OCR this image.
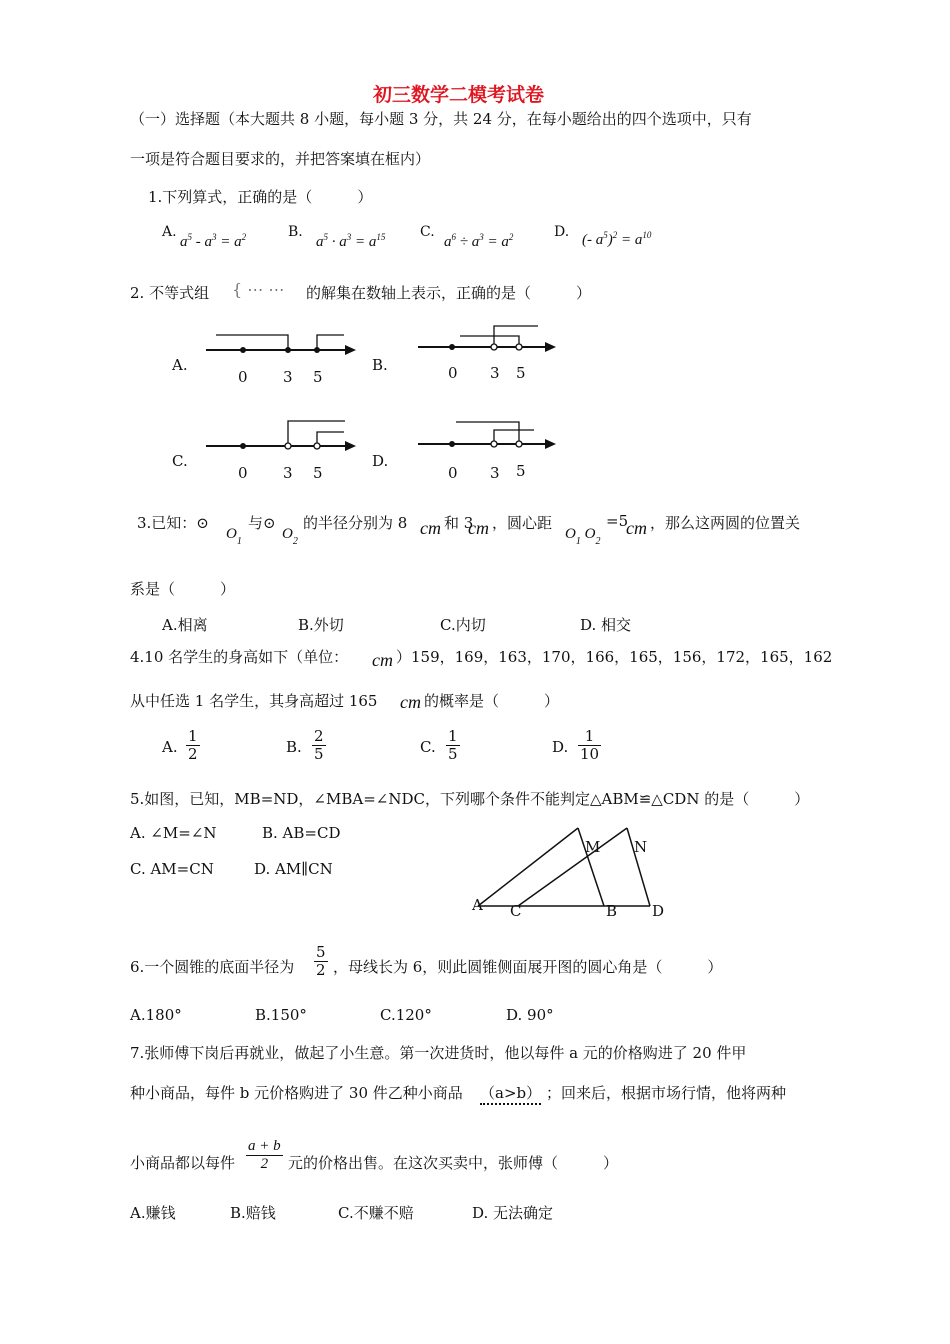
初三数学二模考试卷
（一）选择题（本大题共 8 小题，每小题 3 分，共 24 分，在每小题给出的四个选项中，只有
一项是符合题目要求的，并把答案填在框内）
1.下列算式，正确的是（　　　）
A.
$a^5 - a^3 = a^2$	B.
$a^5 \cdot a^3 = a^{15}$ C.
$a^6 \div a^3 = a^2$	D. (- $a^5)^2 = a^{10}$
2. 不等式组 { ⋯ ⋯ 的解集在数轴上表示，正确的是（　　　）
A.	B.
C.	D.
0 3 5	0 3 5
0 3 5	0 3 5
3.已知：⊙
$O_1$
与⊙
$O_2$
的半径分别为 8 cm 和 3
cm ，圆心距
$O_1$ $O_2$
=5
cm ，那么这两圆的位置关
系是（　　　）
A.相离	B.外切	C.内切	D. 相交
4.10 名学生的身高如下（单位： cm ）159，169，163，170，166，165，156，172，165，162
从中任选 1 名学生，其身高超过 165 cm 的概率是（　　　）
A. $\frac{1}{2}$	B. $\frac{2}{5}$	C. $\frac{1}{5}$	D. $\frac{1}{10}$
5.如图，已知，MB=ND，∠MBA=∠NDC，下列哪个条件不能判定△ABM≌△CDN 的是（　　　）
A. ∠M=∠N	B. AB=CD
C. AM=CN	D. AM∥CN
A C	B D
M N
6.一个圆锥的底面半径为 $\frac{5}{2}$ ，母线长为 6，则此圆锥侧面展开图的圆心角是（　　　）
A.180°	B.150°	C.120°	D. 90°
7.张师傅下岗后再就业，做起了小生意。第一次进货时，他以每件 a 元的价格购进了 20 件甲
种小商品，每件 b 元价格购进了 30 件乙种小商品 （a>b） ；回来后，根据市场行情，他将两种
小商品都以每件 $\frac{a + b}{2}$ 元的价格出售。在这次买卖中，张师傅（　　　）
A.赚钱	B.赔钱	C.不赚不赔	D. 无法确定
